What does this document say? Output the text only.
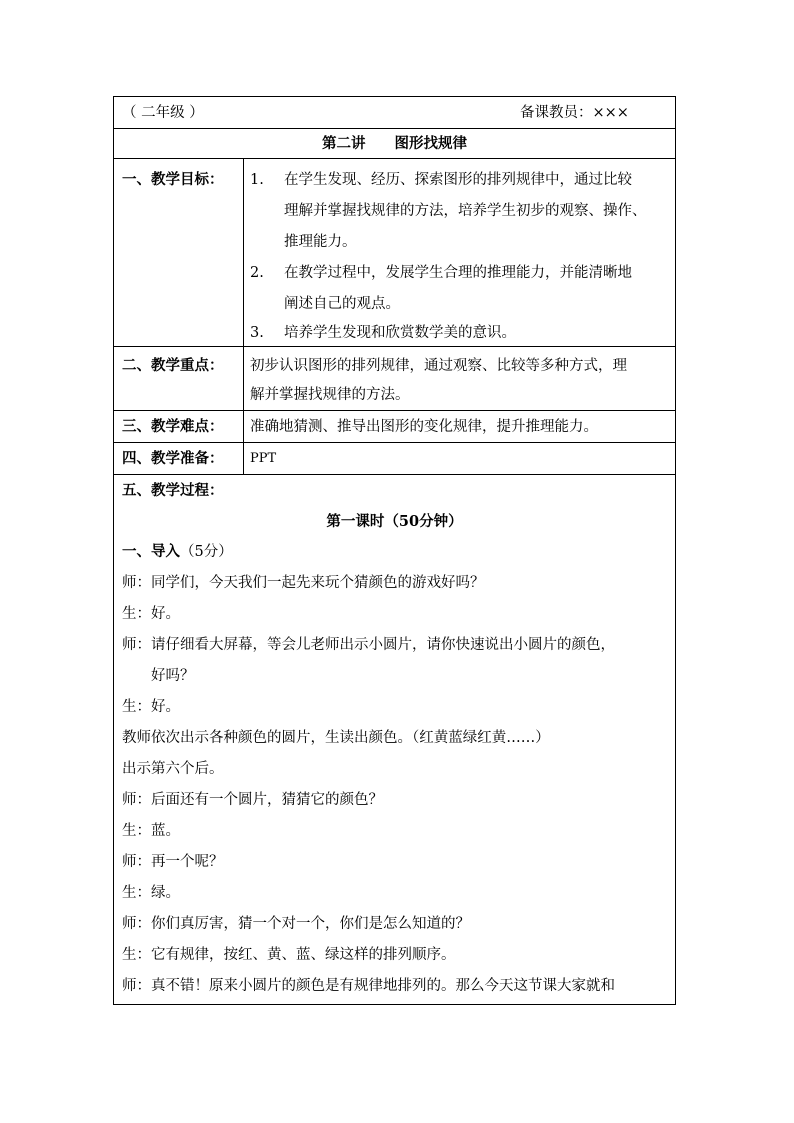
（ 二年级 ）	备课教员：×××
第二讲　　图形找规律
一、教学目标： 1. 在学生发现、经历、探索图形的排列规律中，通过比较
理解并掌握找规律的方法，培养学生初步的观察、操作、
推理能力。
2. 在教学过程中，发展学生合理的推理能力，并能清晰地
阐述自己的观点。
3. 培养学生发现和欣赏数学美的意识。
二、教学重点： 初步认识图形的排列规律，通过观察、比较等多种方式，理
解并掌握找规律的方法。
三、教学难点： 准确地猜测、推导出图形的变化规律，提升推理能力。
四、教学准备： PPT
五、教学过程：
第一课时（50分钟）
一、导入（5分）
师：同学们，今天我们一起先来玩个猜颜色的游戏好吗？
生：好。
师：请仔细看大屏幕，等会儿老师出示小圆片，请你快速说出小圆片的颜色，
好吗？
生：好。
教师依次出示各种颜色的圆片，生读出颜色。（红黄蓝绿红黄……）
出示第六个后。
师：后面还有一个圆片，猜猜它的颜色？
生：蓝。
师：再一个呢？
生：绿。
师：你们真厉害，猜一个对一个，你们是怎么知道的？
生：它有规律，按红、黄、蓝、绿这样的排列顺序。
师：真不错！原来小圆片的颜色是有规律地排列的。那么今天这节课大家就和
